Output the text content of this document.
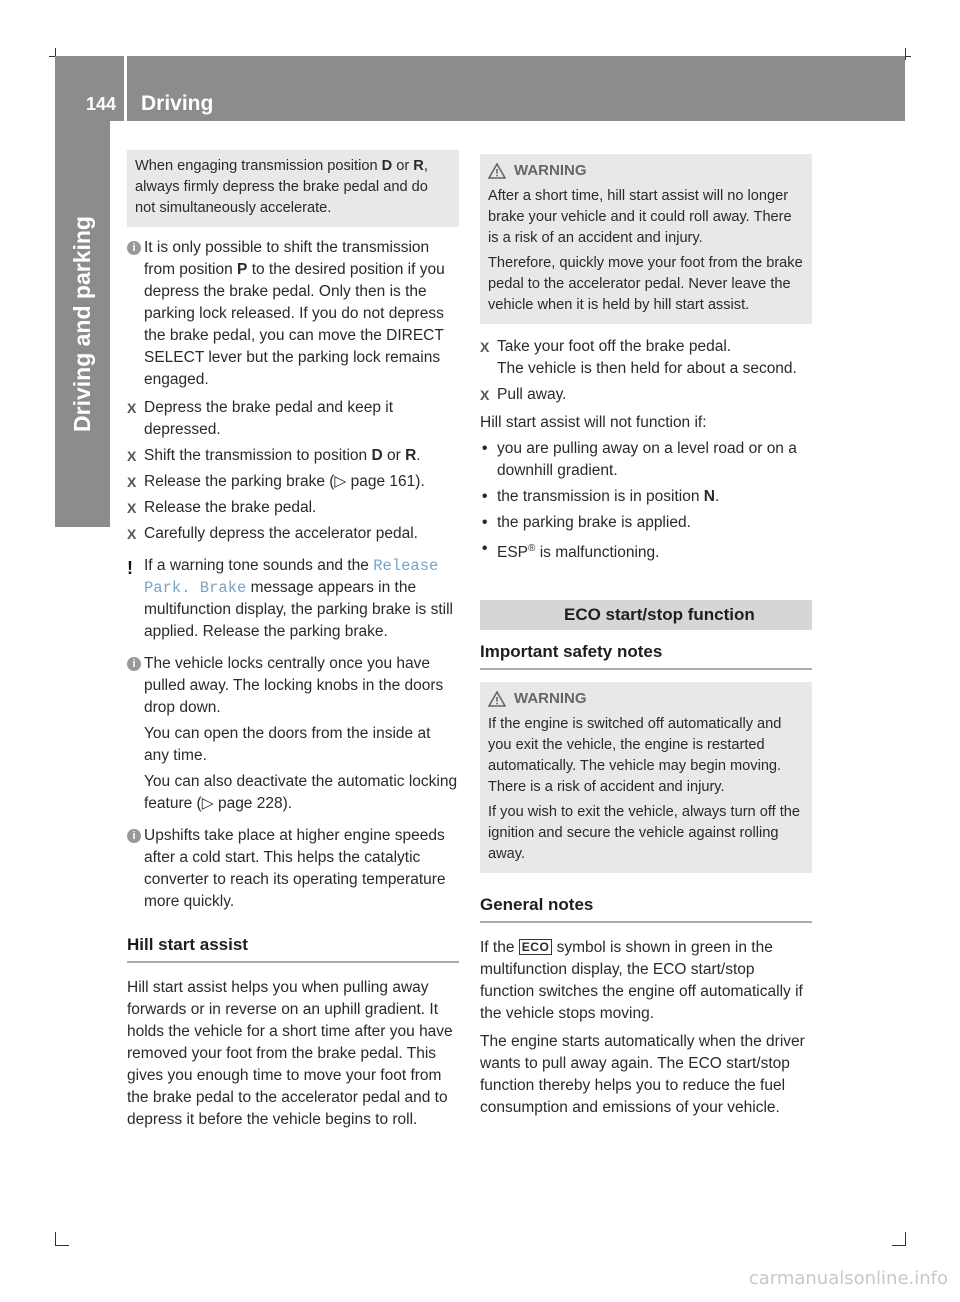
144 Driving
Driving and parking

When engaging transmission position D or R, always firmly depress the brake pedal and do not simultaneously accelerate.

i It is only possible to shift the transmission from position P to the desired position if you depress the brake pedal. Only then is the parking lock released. If you do not depress the brake pedal, you can move the DIRECT SELECT lever but the parking lock remains engaged.

X Depress the brake pedal and keep it depressed.
X Shift the transmission to position D or R.
X Release the parking brake (▷ page 161).
X Release the brake pedal.
X Carefully depress the accelerator pedal.
! If a warning tone sounds and the Release Park. Brake message appears in the multifunction display, the parking brake is still applied. Release the parking brake.

i The vehicle locks centrally once you have pulled away. The locking knobs in the doors drop down.

You can open the doors from the inside at any time.

You can also deactivate the automatic locking feature (▷ page 228).

i Upshifts take place at higher engine speeds after a cold start. This helps the catalytic converter to reach its operating temperature more quickly.

Hill start assist

Hill start assist helps you when pulling away forwards or in reverse on an uphill gradient. It holds the vehicle for a short time after you have removed your foot from the brake pedal. This gives you enough time to move your foot from the brake pedal to the accelerator pedal and to depress it before the vehicle begins to roll.

WARNING

After a short time, hill start assist will no longer brake your vehicle and it could roll away. There is a risk of an accident and injury.

Therefore, quickly move your foot from the brake pedal to the accelerator pedal. Never leave the vehicle when it is held by hill start assist.

X Take your foot off the brake pedal.
The vehicle is then held for about a second.
X Pull away.

Hill start assist will not function if:

• you are pulling away on a level road or on a downhill gradient.
• the transmission is in position N.
• the parking brake is applied.
• ESP® is malfunctioning.
ECO start/stop function
Important safety notes
WARNING

If the engine is switched off automatically and you exit the vehicle, the engine is restarted automatically. The vehicle may begin moving. There is a risk of accident and injury.

If you wish to exit the vehicle, always turn off the ignition and secure the vehicle against rolling away.

General notes

If the ECO symbol is shown in green in the multifunction display, the ECO start/stop function switches the engine off automatically if the vehicle stops moving.

The engine starts automatically when the driver wants to pull away again. The ECO start/stop function thereby helps you to reduce the fuel consumption and emissions of your vehicle.

carmanualsonline.info
